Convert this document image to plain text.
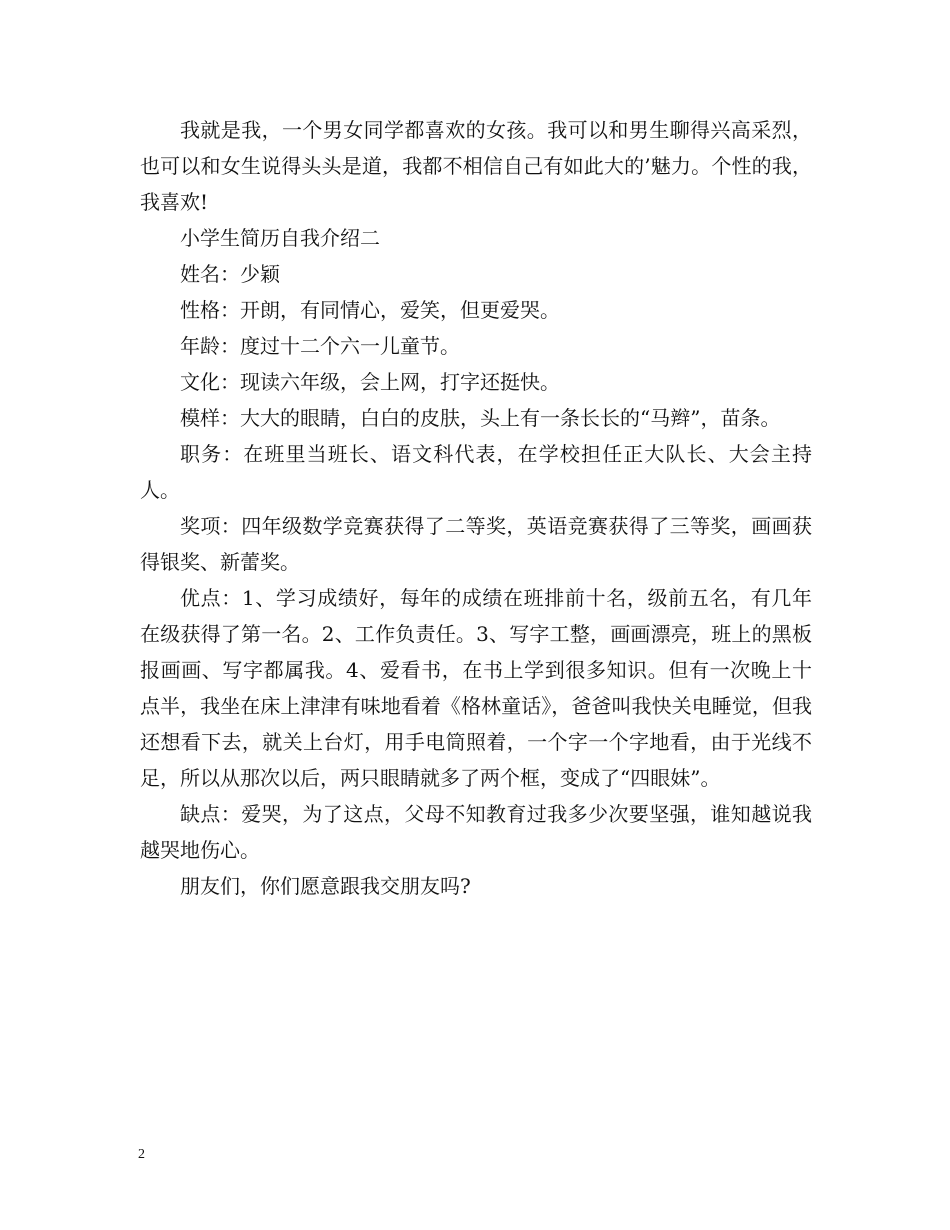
我就是我，一个男女同学都喜欢的女孩。我可以和男生聊得兴高采烈，也可以和女生说得头头是道，我都不相信自己有如此大的’魅力。个性的我，我喜欢!

小学生简历自我介绍二

姓名：少颖

性格：开朗，有同情心，爱笑，但更爱哭。

年龄：度过十二个六一儿童节。

文化：现读六年级，会上网，打字还挺快。

模样：大大的眼睛，白白的皮肤，头上有一条长长的“马辫”，苗条。

职务：在班里当班长、语文科代表，在学校担任正大队长、大会主持人。

奖项：四年级数学竞赛获得了二等奖，英语竞赛获得了三等奖，画画获得银奖、新蕾奖。

优点：1、学习成绩好，每年的成绩在班排前十名，级前五名，有几年在级获得了第一名。2、工作负责任。3、写字工整，画画漂亮，班上的黑板报画画、写字都属我。4、爱看书，在书上学到很多知识。但有一次晚上十点半，我坐在床上津津有味地看着《格林童话》，爸爸叫我快关电睡觉，但我还想看下去，就关上台灯，用手电筒照着，一个字一个字地看，由于光线不足，所以从那次以后，两只眼睛就多了两个框，变成了“四眼妹”。

缺点：爱哭，为了这点，父母不知教育过我多少次要坚强，谁知越说我越哭地伤心。

朋友们，你们愿意跟我交朋友吗?

2
